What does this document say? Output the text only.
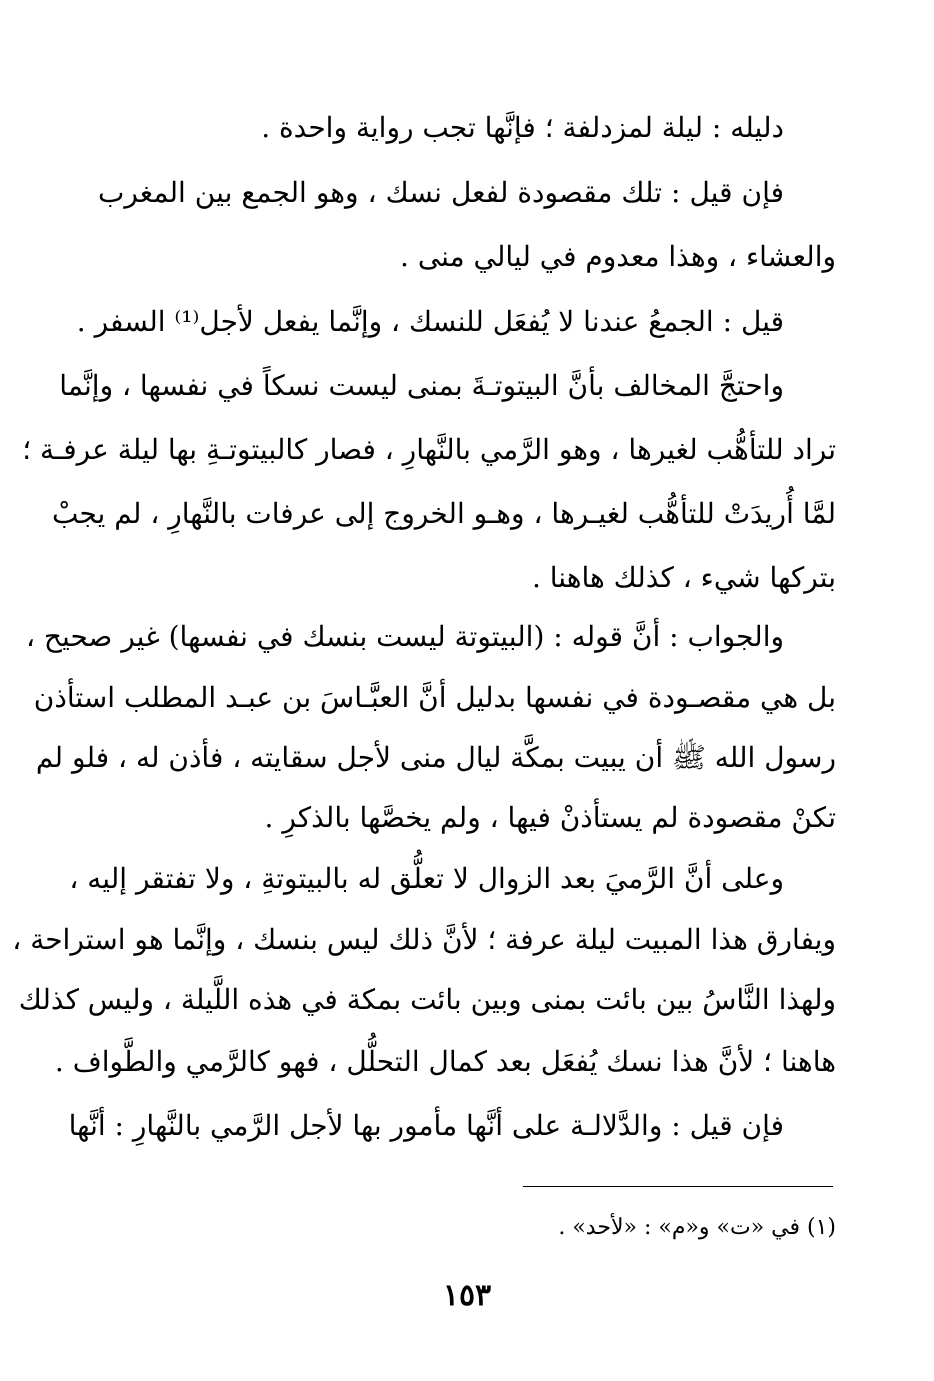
دليله : ليلة لمزدلفة ؛ فإنَّها تجب رواية واحدة .
فإن قيل : تلك مقصودة لفعل نسك ، وهو الجمع بين المغرب
والعشاء ، وهذا معدوم في ليالي منى .
قيل : الجمعُ عندنا لا يُفعَل للنسك ، وإنَّما يفعل لأجل⁽¹⁾ السفر .
واحتجَّ المخالف بأنَّ البيتوتـةَ بمنى ليست نسكاً في نفسها ، وإنَّما
تراد للتأهُّب لغيرها ، وهو الرَّمي بالنَّهارِ ، فصار كالبيتوتـةِ بها ليلة عرفـة ؛
لمَّا أُريدَتْ للتأهُّب لغيـرها ، وهـو الخروج إلى عرفات بالنَّهارِ ، لم يجبْ
بتركها شيء ، كذلك هاهنا .
والجواب : أنَّ قوله : (البيتوتة ليست بنسك في نفسها) غير صحيح ،
بل هي مقصـودة في نفسها بدليل أنَّ العبَّـاسَ بن عبـد المطلب استأذن
رسول الله ﷺ أن يبيت بمكَّة ليال منى لأجل سقايته ، فأذن له ، فلو لم
تكنْ مقصودة لم يستأذنْ فيها ، ولم يخصَّها بالذكرِ .
وعلى أنَّ الرَّميَ بعد الزوال لا تعلُّق له بالبيتوتةِ ، ولا تفتقر إليه ،
ويفارق هذا المبيت ليلة عرفة ؛ لأنَّ ذلك ليس بنسك ، وإنَّما هو استراحة ،
ولهذا النَّاسُ بين بائت بمنى وبين بائت بمكة في هذه اللَّيلة ، وليس كذلك
هاهنا ؛ لأنَّ هذا نسك يُفعَل بعد كمال التحلُّل ، فهو كالرَّمي والطَّواف .
فإن قيل : والدَّلالـة على أنَّها مأمور بها لأجل الرَّمي بالنَّهارِ : أنَّها
(١) في «ت» و«م» : «لأحد» .
١٥٣
